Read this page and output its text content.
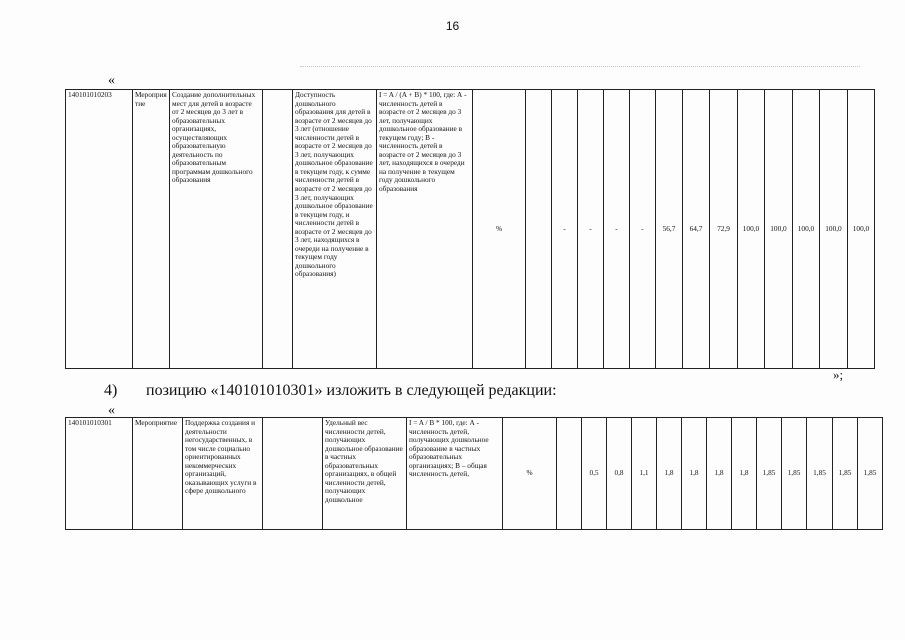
16
«
140101010203	Мероприятие	Создание дополнительных мест для детей в возрасте от 2 месяцев до 3 лет в образовательных организациях, осуществляющих образовательную деятельность по образовательным программам дошкольного образования		Доступность дошкольного образования для детей в возрасте от 2 месяцев до 3 лет (отношение численности детей в возрасте от 2 месяцев до 3 лет, получающих дошкольное образование в текущем году, к сумме численности детей в возрасте от 2 месяцев до 3 лет, получающих дошкольное образование в текущем году, и численности детей в возрасте от 2 месяцев до 3 лет, находящихся в очереди на получение в текущем году дошкольного образования)	I = A / (A + B) * 100, где: А - численность детей в возрасте от 2 месяцев до 3 лет, получающих дошкольное образование в текущем году; В - численность детей в возрасте от 2 месяцев до 3 лет, находящихся в очереди на получение в текущем году дошкольного образования	%		-	-	-	-	56,7	64,7	72,9	100,0	100,0	100,0	100,0	100,0
»;
4) позицию «140101010301» изложить в следующей редакции:
«
140101010301	Мероприятие	Поддержка создания и деятельности негосударственных, в том числе социально ориентированных некоммерческих организаций, оказывающих услуги в сфере дошкольного		Удельный вес численности детей, получающих дошкольное образование в частных образовательных организациях, в общей численности детей, получающих дошкольное	I = A / B * 100, где: А - численность детей, получающих дошкольное образование в частных образовательных организациях; В – общая численность детей,	%		0,5	0,8	1,1	1,8	1,8	1,8	1,8	1,85	1,85	1,85	1,85	1,85
